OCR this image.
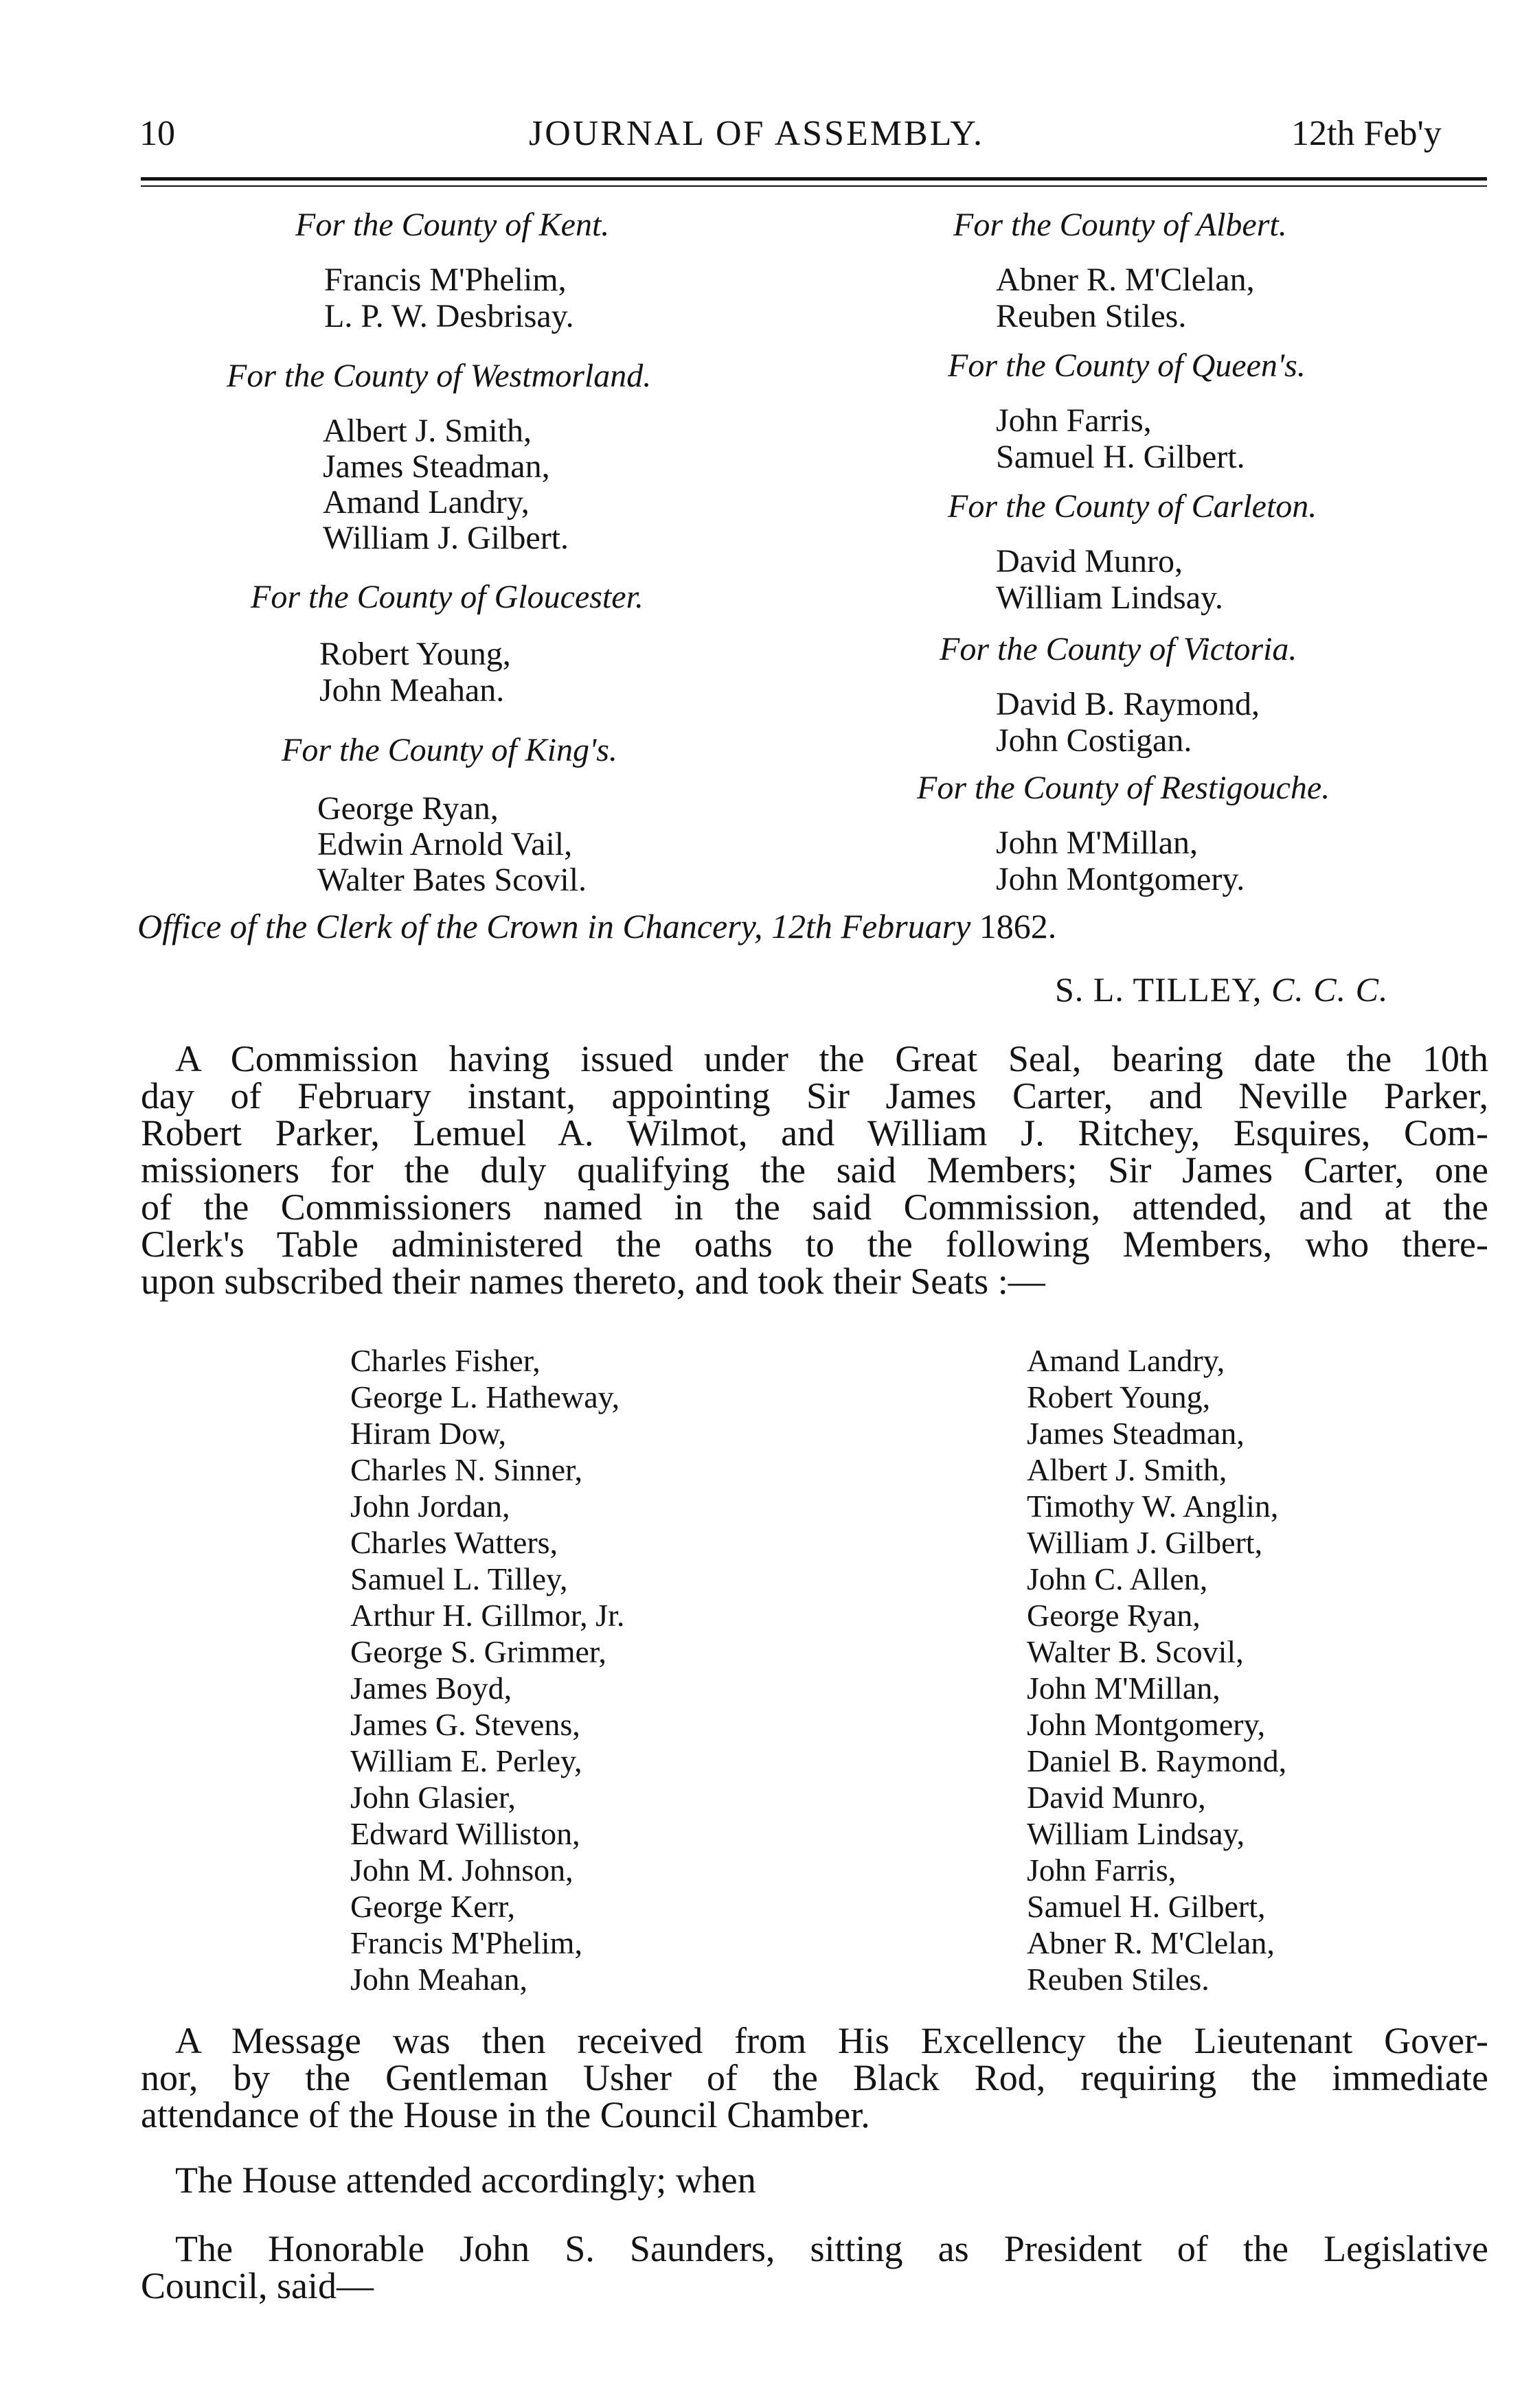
10	JOURNAL OF ASSEMBLY.	12th Feb'y
For the County of Kent.
Francis M'Phelim,
L. P. W. Desbrisay.
For the County of Westmorland.
Albert J. Smith,
James Steadman,
Amand Landry,
William J. Gilbert.
For the County of Gloucester.
Robert Young,
John Meahan.
For the County of King's.
George Ryan,
Edwin Arnold Vail,
Walter Bates Scovil.
For the County of Albert.
Abner R. M'Clelan,
Reuben Stiles.
For the County of Queen's.
John Farris,
Samuel H. Gilbert.
For the County of Carleton.
David Munro,
William Lindsay.
For the County of Victoria.
David B. Raymond,
John Costigan.
For the County of Restigouche.
John M'Millan,
John Montgomery.
Office of the Clerk of the Crown in Chancery, 12th February 1862.
S. L. TILLEY, C. C. C.
A Commission having issued under the Great Seal, bearing date the 10th
day of February instant, appointing Sir James Carter, and Neville Parker,
Robert Parker, Lemuel A. Wilmot, and William J. Ritchey, Esquires, Com-
missioners for the duly qualifying the said Members; Sir James Carter, one
of the Commissioners named in the said Commission, attended, and at the
Clerk's Table administered the oaths to the following Members, who there-
upon subscribed their names thereto, and took their Seats :—
Charles Fisher,
George L. Hatheway,
Hiram Dow,
Charles N. Sinner,
John Jordan,
Charles Watters,
Samuel L. Tilley,
Arthur H. Gillmor, Jr.
George S. Grimmer,
James Boyd,
James G. Stevens,
William E. Perley,
John Glasier,
Edward Williston,
John M. Johnson,
George Kerr,
Francis M'Phelim,
John Meahan,
Amand Landry,
Robert Young,
James Steadman,
Albert J. Smith,
Timothy W. Anglin,
William J. Gilbert,
John C. Allen,
George Ryan,
Walter B. Scovil,
John M'Millan,
John Montgomery,
Daniel B. Raymond,
David Munro,
William Lindsay,
John Farris,
Samuel H. Gilbert,
Abner R. M'Clelan,
Reuben Stiles.
A Message was then received from His Excellency the Lieutenant Gover-
nor, by the Gentleman Usher of the Black Rod, requiring the immediate
attendance of the House in the Council Chamber.
The House attended accordingly; when
The Honorable John S. Saunders, sitting as President of the Legislative
Council, said—
